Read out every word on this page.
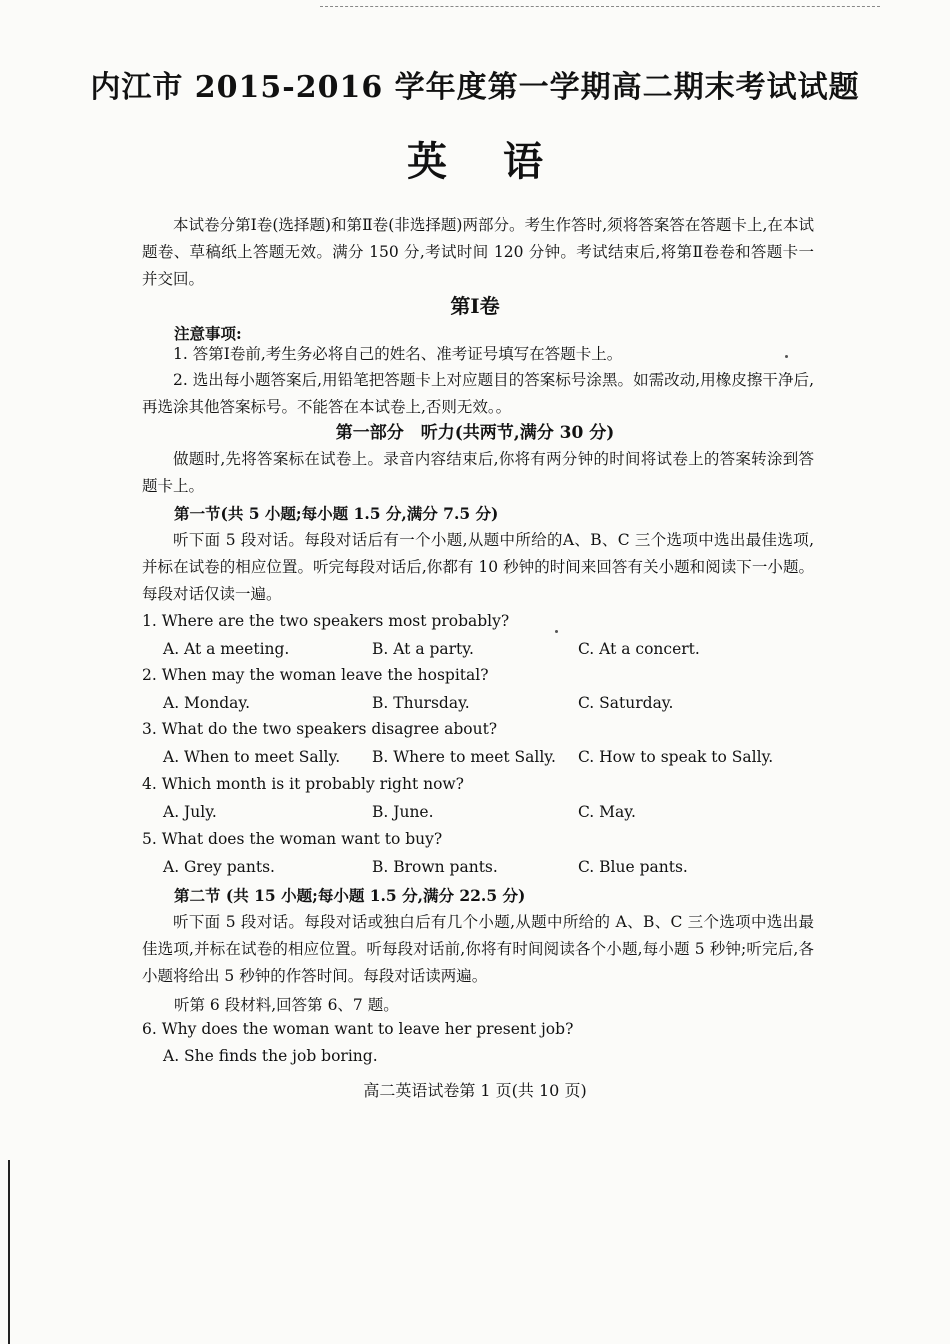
内江市 2015-2016 学年度第一学期高二期末考试试题
英 语
本试卷分第Ⅰ卷(选择题)和第Ⅱ卷(非选择题)两部分。考生作答时,须将答案答在答题卡上,在本试题卷、草稿纸上答题无效。满分 150 分,考试时间 120 分钟。考试结束后,将第Ⅱ卷卷和答题卡一并交回。
第Ⅰ卷
注意事项:
1. 答第Ⅰ卷前,考生务必将自己的姓名、准考证号填写在答题卡上。
2. 选出每小题答案后,用铅笔把答题卡上对应题目的答案标号涂黑。如需改动,用橡皮擦干净后,再选涂其他答案标号。不能答在本试卷上,否则无效。。
第一部分　听力(共两节,满分 30 分)
做题时,先将答案标在试卷上。录音内容结束后,你将有两分钟的时间将试卷上的答案转涂到答题卡上。
第一节(共 5 小题;每小题 1.5 分,满分 7.5 分)
听下面 5 段对话。每段对话后有一个小题,从题中所给的A、B、C 三个选项中选出最佳选项,并标在试卷的相应位置。听完每段对话后,你都有 10 秒钟的时间来回答有关小题和阅读下一小题。每段对话仅读一遍。
1. Where are the two speakers most probably?
A. At a meeting.	B. At a party.	C. At a concert.
2. When may the woman leave the hospital?
A. Monday.	B. Thursday.	C. Saturday.
3. What do the two speakers disagree about?
A. When to meet Sally. B. Where to meet Sally. C. How to speak to Sally.
4. Which month is it probably right now?
A. July.	B. June.	C. May.
5. What does the woman want to buy?
A. Grey pants.	B. Brown pants.	C. Blue pants.
第二节 (共 15 小题;每小题 1.5 分,满分 22.5 分)
听下面 5 段对话。每段对话或独白后有几个小题,从题中所给的 A、B、C 三个选项中选出最佳选项,并标在试卷的相应位置。听每段对话前,你将有时间阅读各个小题,每小题 5 秒钟;听完后,各小题将给出 5 秒钟的作答时间。每段对话读两遍。
听第 6 段材料,回答第 6、7 题。
6. Why does the woman want to leave her present job?
A. She finds the job boring.
高二英语试卷第 1 页(共 10 页)
